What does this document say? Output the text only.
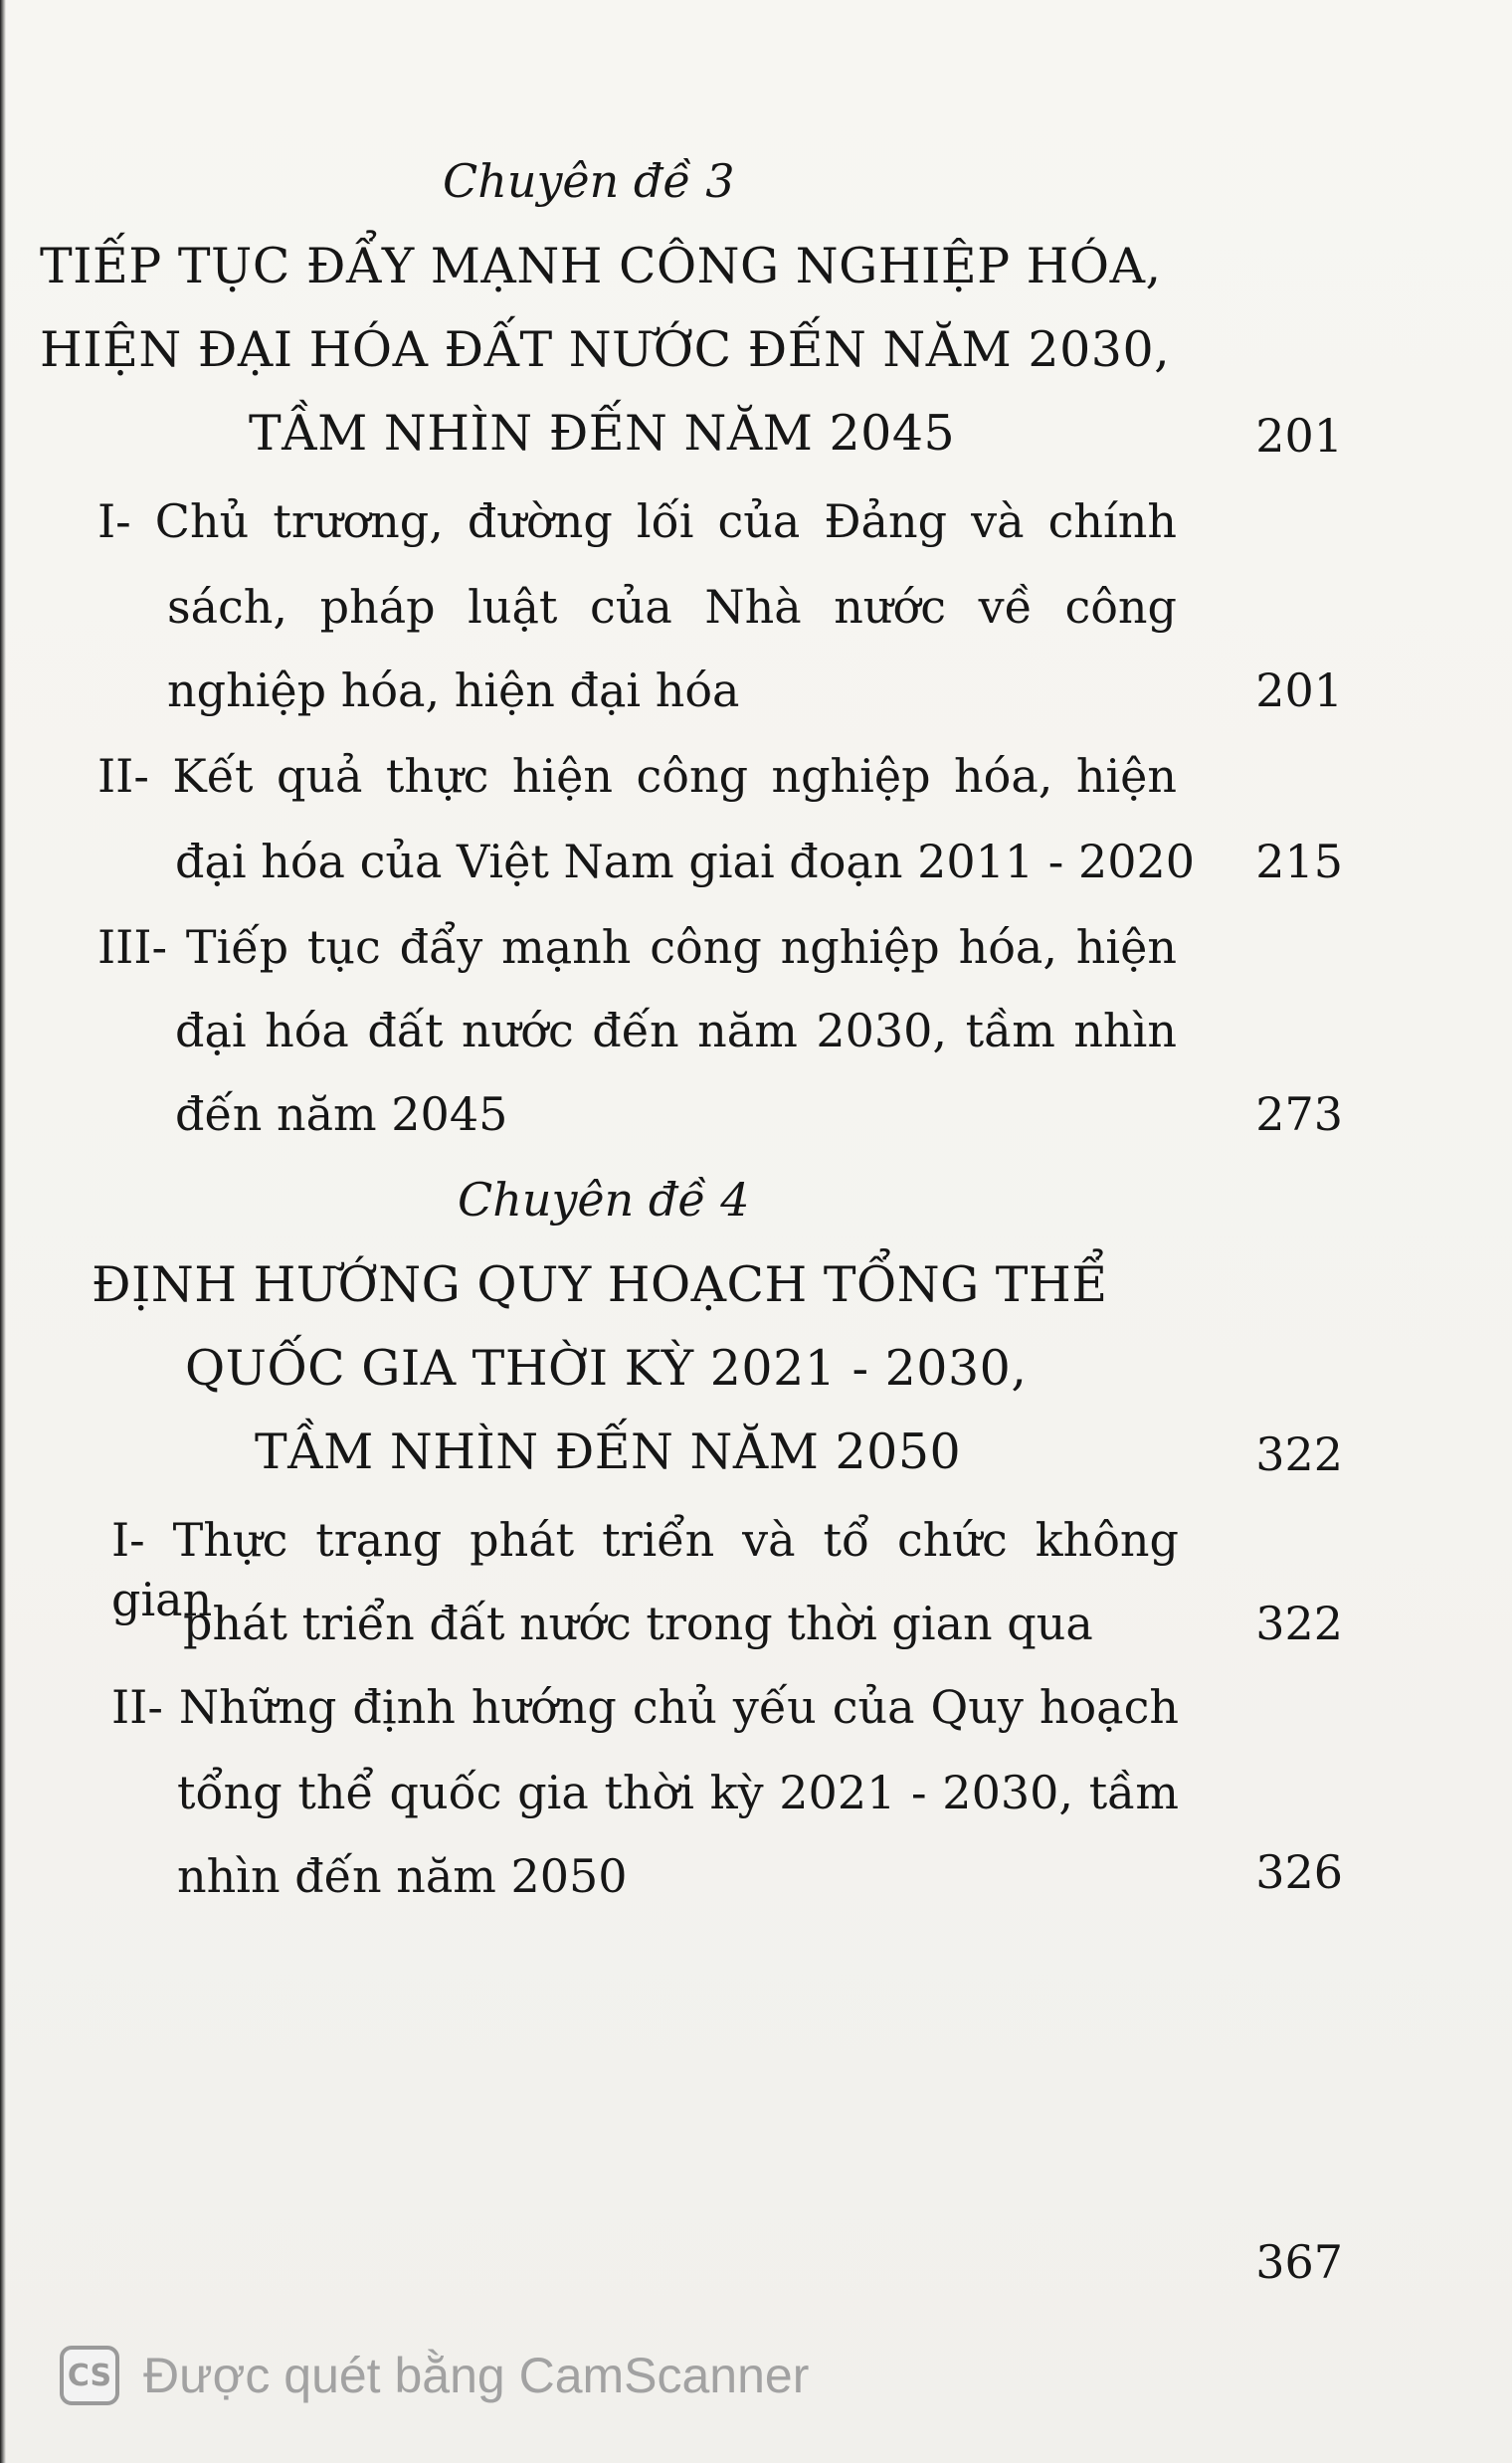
Chuyên đề 3
TIẾP TỤC ĐẨY MẠNH CÔNG NGHIỆP HÓA,
HIỆN ĐẠI HÓA ĐẤT NƯỚC ĐẾN NĂM 2030,
TẦM NHÌN ĐẾN NĂM 2045	201
I- Chủ trương, đường lối của Đảng và chính
sách, pháp luật của Nhà nước về công
nghiệp hóa, hiện đại hóa	201
II- Kết quả thực hiện công nghiệp hóa, hiện
đại hóa của Việt Nam giai đoạn 2011 - 2020	215
III- Tiếp tục đẩy mạnh công nghiệp hóa, hiện
đại hóa đất nước đến năm 2030, tầm nhìn
đến năm 2045	273
Chuyên đề 4
ĐỊNH HƯỚNG QUY HOẠCH TỔNG THỂ
QUỐC GIA THỜI KỲ 2021 - 2030,
TẦM NHÌN ĐẾN NĂM 2050	322
I- Thực trạng phát triển và tổ chức không gian
phát triển đất nước trong thời gian qua	322
II- Những định hướng chủ yếu của Quy hoạch
tổng thể quốc gia thời kỳ 2021 - 2030, tầm
nhìn đến năm 2050	326
367
CS Được quét bằng CamScanner
